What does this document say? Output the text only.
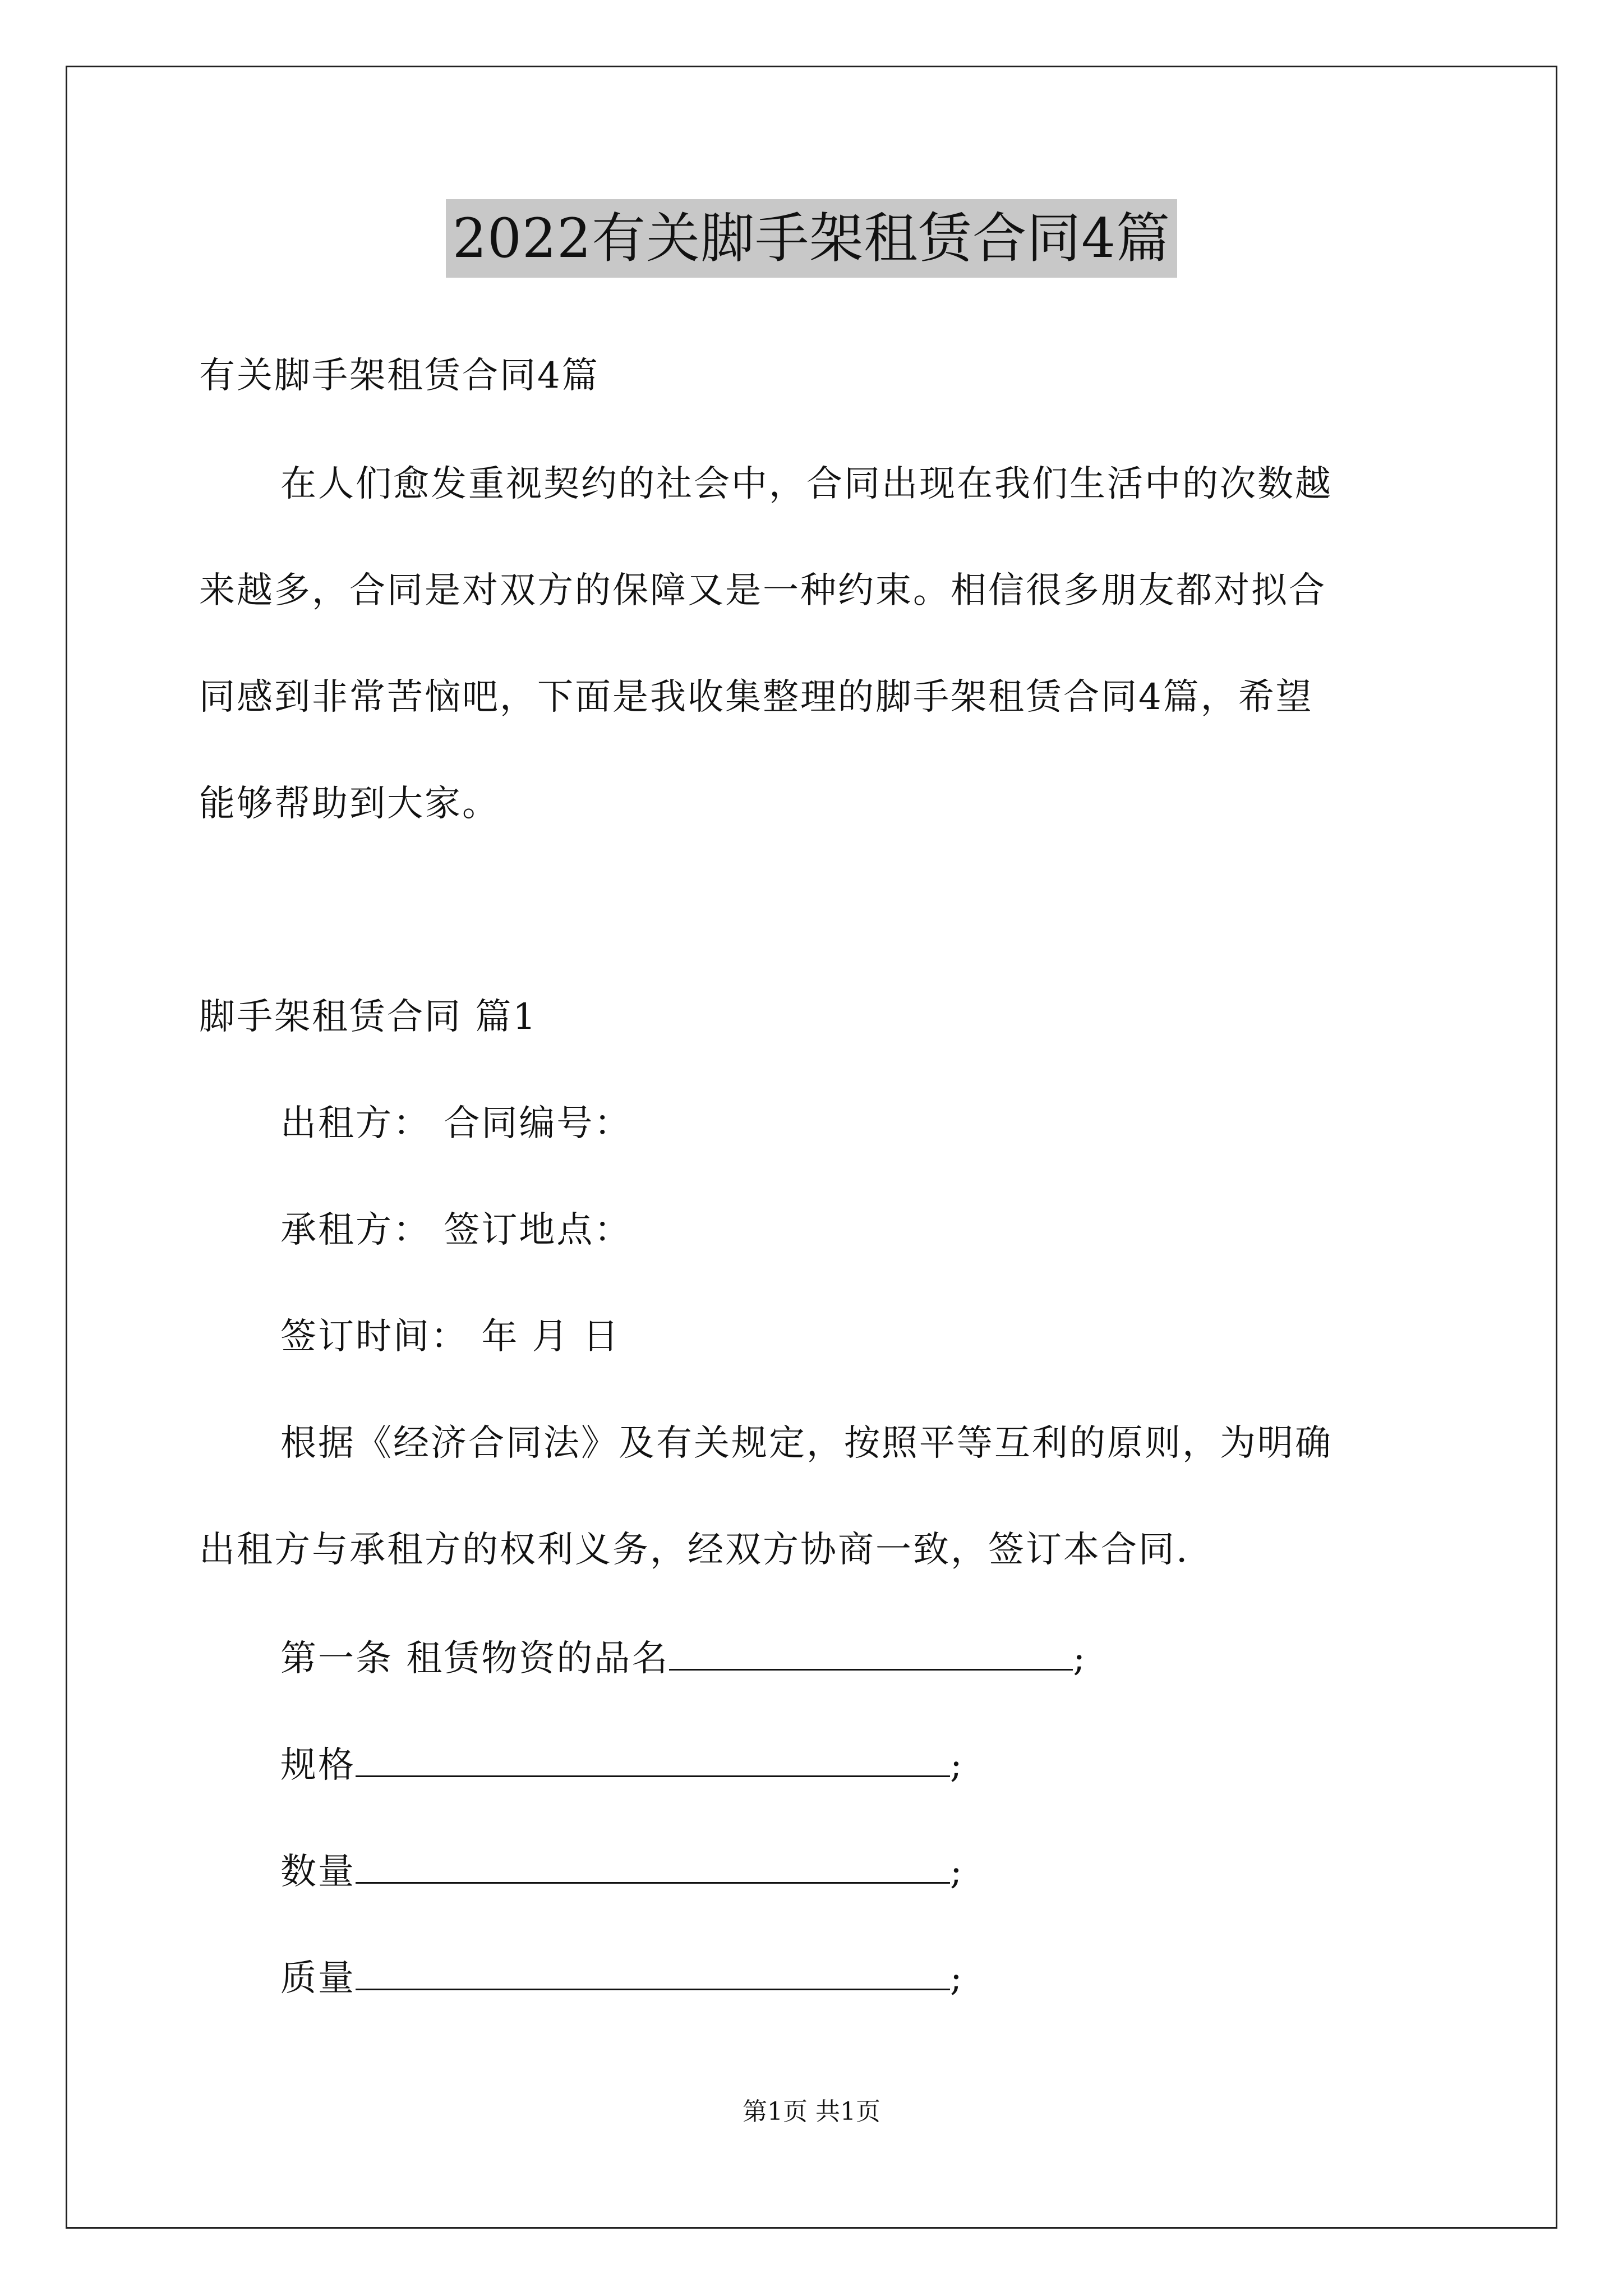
2022有关脚手架租赁合同4篇
有关脚手架租赁合同4篇
在人们愈发重视契约的社会中，合同出现在我们生活中的次数越
来越多，合同是对双方的保障又是一种约束。相信很多朋友都对拟合
同感到非常苦恼吧，下面是我收集整理的脚手架租赁合同4篇，希望
能够帮助到大家。
脚手架租赁合同 篇1
出租方： 合同编号：
承租方： 签订地点：
签订时间： 年 月 日
根据《经济合同法》及有关规定，按照平等互利的原则，为明确
出租方与承租方的权利义务，经双方协商一致，签订本合同.
第一条 租赁物资的品名	;
规格	;
数量	;
质量	;
第1页 共1页
